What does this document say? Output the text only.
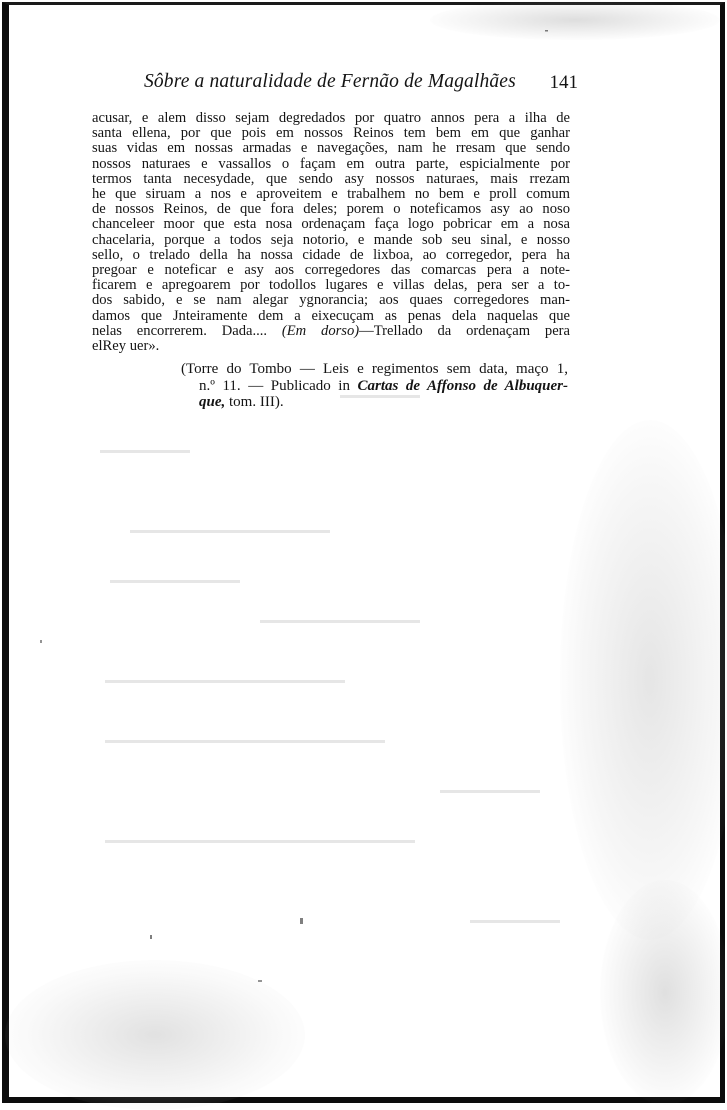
Sôbre a naturalidade de Fernão de Magalhães 141
acusar, e alem disso sejam degredados por quatro annos pera a ilha de
santa ellena, por que pois em nossos Reinos tem bem em que ganhar
suas vidas em nossas armadas e navegações, nam he rresam que sendo
nossos naturaes e vassallos o façam em outra parte, espicialmente por
termos tanta necesydade, que sendo asy nossos naturaes, mais rrezam
he que siruam a nos e aproveitem e trabalhem no bem e proll comum
de nossos Reinos, de que fora deles; porem o noteficamos asy ao noso
chanceleer moor que esta nosa ordenaçam faça logo pobricar em a nosa
chacelaria, porque a todos seja notorio, e mande sob seu sinal, e nosso
sello, o trelado della ha nossa cidade de lixboa, ao corregedor, pera ha
pregoar e noteficar e asy aos corregedores das comarcas pera a note-
ficarem e apregoarem por todollos lugares e villas delas, pera ser a to-
dos sabido, e se nam alegar ygnorancia; aos quaes corregedores man-
damos que Jnteiramente dem a eixecuçam as penas dela naquelas que
nelas encorrerem. Dada.... (Em dorso)—Trellado da ordenaçam pera
elRey uer».
(Torre do Tombo — Leis e regimentos sem data, maço 1,
n.º 11. — Publicado in Cartas de Affonso de Albuquer-
que, tom. III).
